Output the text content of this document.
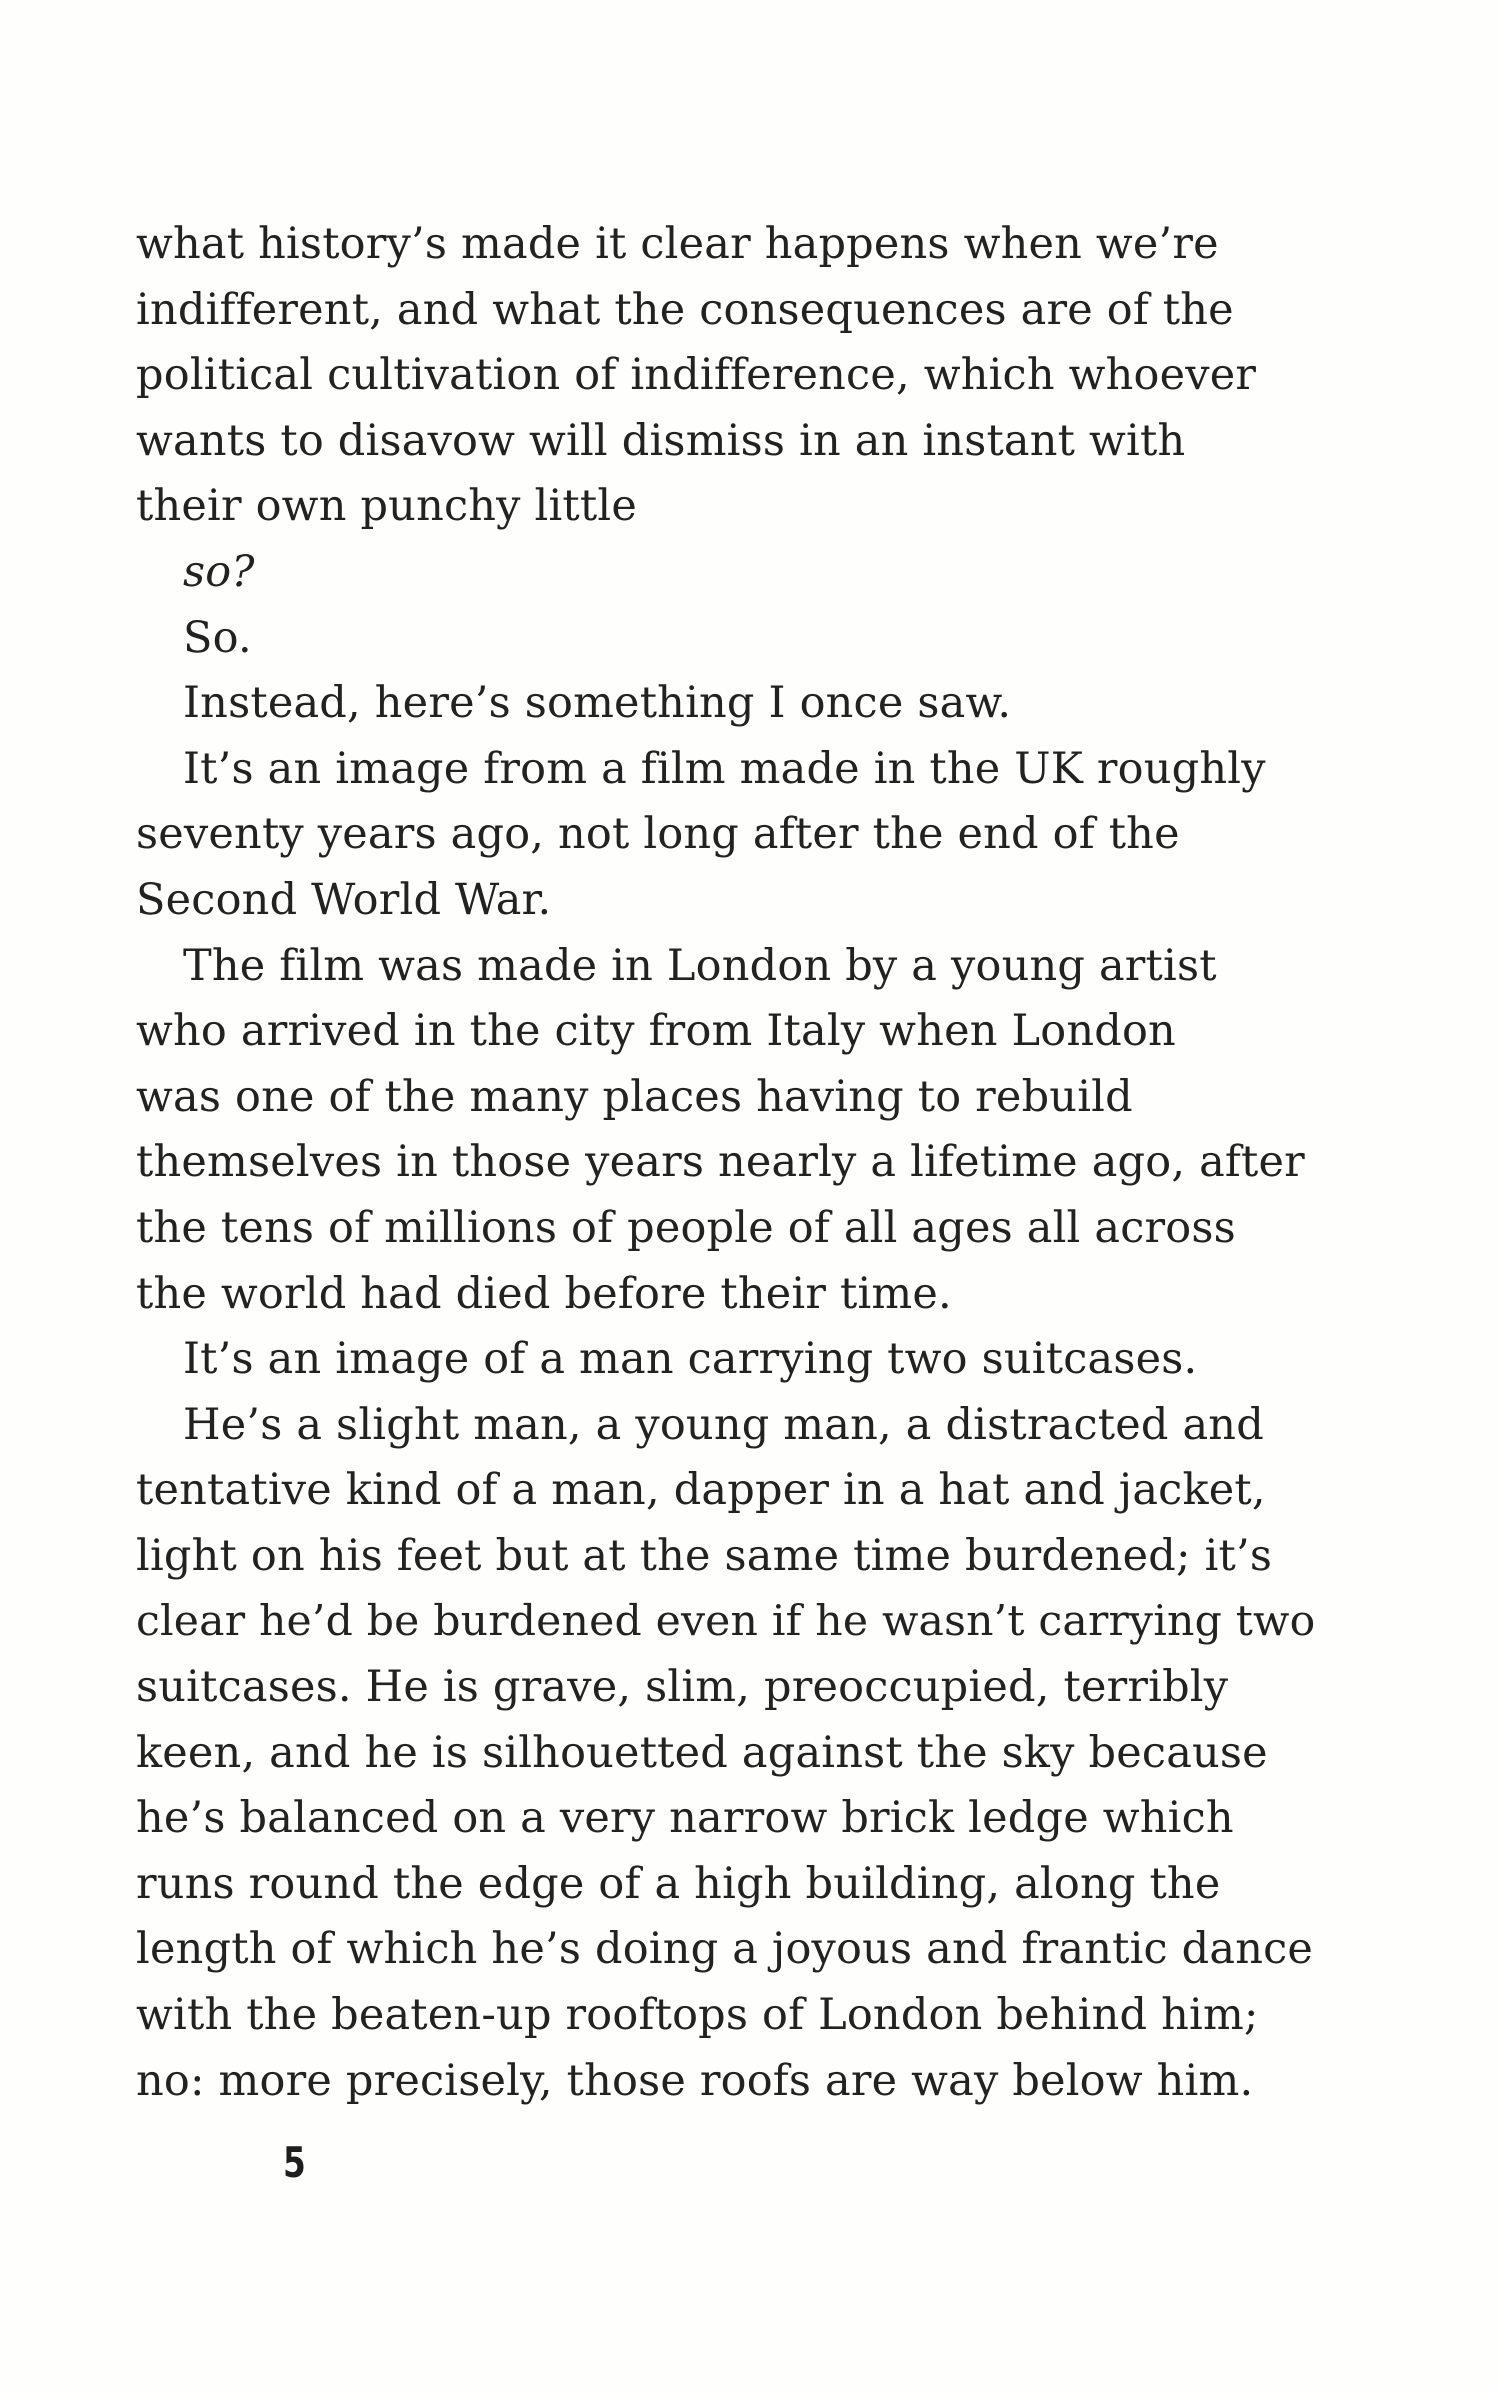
what history’s made it clear happens when we’re
indifferent, and what the consequences are of the
political cultivation of indifference, which whoever
wants to disavow will dismiss in an instant with
their own punchy little
so?
So.
Instead, here’s something I once saw.
It’s an image from a film made in the UK roughly
seventy years ago, not long after the end of the
Second World War.
The film was made in London by a young artist
who arrived in the city from Italy when London
was one of the many places having to rebuild
themselves in those years nearly a lifetime ago, after
the tens of millions of people of all ages all across
the world had died before their time.
It’s an image of a man carrying two suitcases.
He’s a slight man, a young man, a distracted and
tentative kind of a man, dapper in a hat and jacket,
light on his feet but at the same time burdened; it’s
clear he’d be burdened even if he wasn’t carrying two
suitcases. He is grave, slim, preoccupied, terribly
keen, and he is silhouetted against the sky because
he’s balanced on a very narrow brick ledge which
runs round the edge of a high building, along the
length of which he’s doing a joyous and frantic dance
with the beaten-up rooftops of London behind him;
no: more precisely, those roofs are way below him.
5
